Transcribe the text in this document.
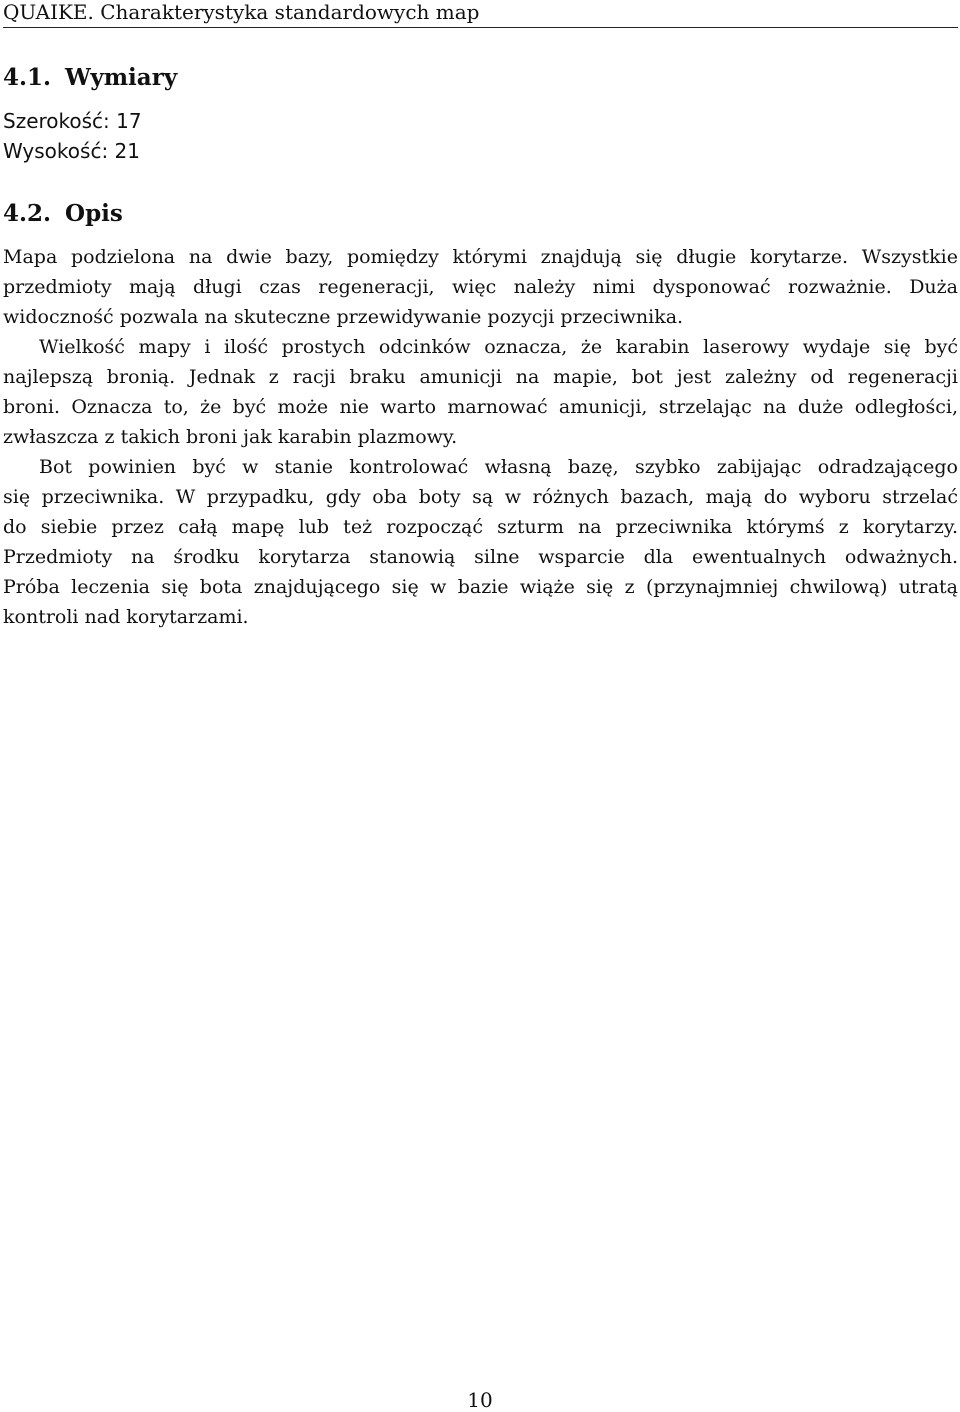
QUAIKE. Charakterystyka standardowych map
4.1. Wymiary
Szerokość: 17
Wysokość: 21
4.2. Opis
Mapa podzielona na dwie bazy, pomiędzy którymi znajdują się długie korytarze. Wszystkie
przedmioty mają długi czas regeneracji, więc należy nimi dysponować rozważnie. Duża
widoczność pozwala na skuteczne przewidywanie pozycji przeciwnika.
Wielkość mapy i ilość prostych odcinków oznacza, że karabin laserowy wydaje się być
najlepszą bronią. Jednak z racji braku amunicji na mapie, bot jest zależny od regeneracji
broni. Oznacza to, że być może nie warto marnować amunicji, strzelając na duże odległości,
zwłaszcza z takich broni jak karabin plazmowy.
Bot powinien być w stanie kontrolować własną bazę, szybko zabijając odradzającego
się przeciwnika. W przypadku, gdy oba boty są w różnych bazach, mają do wyboru strzelać
do siebie przez całą mapę lub też rozpocząć szturm na przeciwnika którymś z korytarzy.
Przedmioty na środku korytarza stanowią silne wsparcie dla ewentualnych odważnych.
Próba leczenia się bota znajdującego się w bazie wiąże się z (przynajmniej chwilową) utratą
kontroli nad korytarzami.
10
